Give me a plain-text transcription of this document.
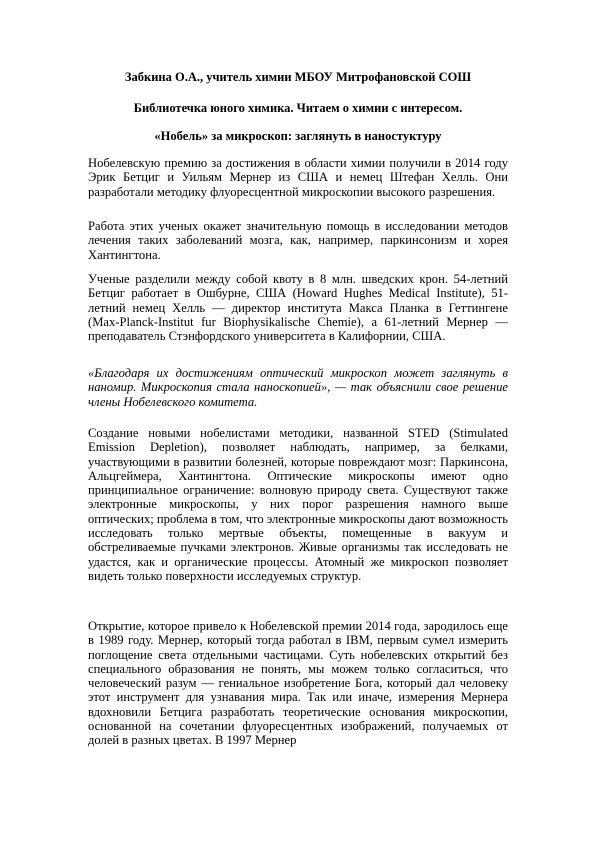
Забкина О.А., учитель химии МБОУ Митрофановской СОШ
Библиотечка юного химика. Читаем о химии с интересом.
«Нобель» за микроскоп: заглянуть в наностуктуру

Нобелевскую премию за достижения в области химии получили в 2014 году Эрик Бетциг и Уильям Мернер из США и немец Штефан Хелль. Они разработали методику флуоресцентной микроскопии высокого разрешения.

Работа этих ученых окажет значительную помощь в исследовании методов лечения таких заболеваний мозга, как, например, паркинсонизм и хорея Хантингтона.

Ученые разделили между собой квоту в 8 млн. шведских крон. 54-летний Бетциг работает в Ошбурне, США (Howard Hughes Medical Institute), 51-летний немец Хелль — директор института Макса Планка в Геттингене (Max-Planck-Institut fur Biophysikalische Chemie), а 61-летний Мернер — преподаватель Стэнфордского университета в Калифорнии, США.

«Благодаря их достижениям оптический микроскоп может заглянуть в наномир. Микроскопия стала наноскопией», — так объяснили свое решение члены Нобелевского комитета.

Создание новыми нобелистами методики, названной STED (Stimulated Emission Depletion), позволяет наблюдать, например, за белками, участвующими в развитии болезней, которые повреждают мозг: Паркинсона, Альцгеймера, Хантингтона. Оптические микроскопы имеют одно принципиальное ограничение: волновую природу света. Существуют также электронные микроскопы, у них порог разрешения намного выше оптических; проблема в том, что электронные микроскопы дают возможность исследовать только мертвые объекты, помещенные в вакуум и обстреливаемые пучками электронов. Живые организмы так исследовать не удастся, как и органические процессы. Атомный же микроскоп позволяет видеть только поверхности исследуемых структур.

Открытие, которое привело к Нобелевской премии 2014 года, зародилось еще в 1989 году. Мернер, который тогда работал в IBM, первым сумел измерить поглощение света отдельными частицами. Суть нобелевских открытий без специального образования не понять, мы можем только согласиться, что человеческий разум — гениальное изобретение Бога, который дал человеку этот инструмент для узнавания мира. Так или иначе, измерения Мернера вдохновили Бетцига разработать теоретические основания микроскопии, основанной на сочетании флуоресцентных изображений, получаемых от долей в разных цветах. В 1997 Мернер
